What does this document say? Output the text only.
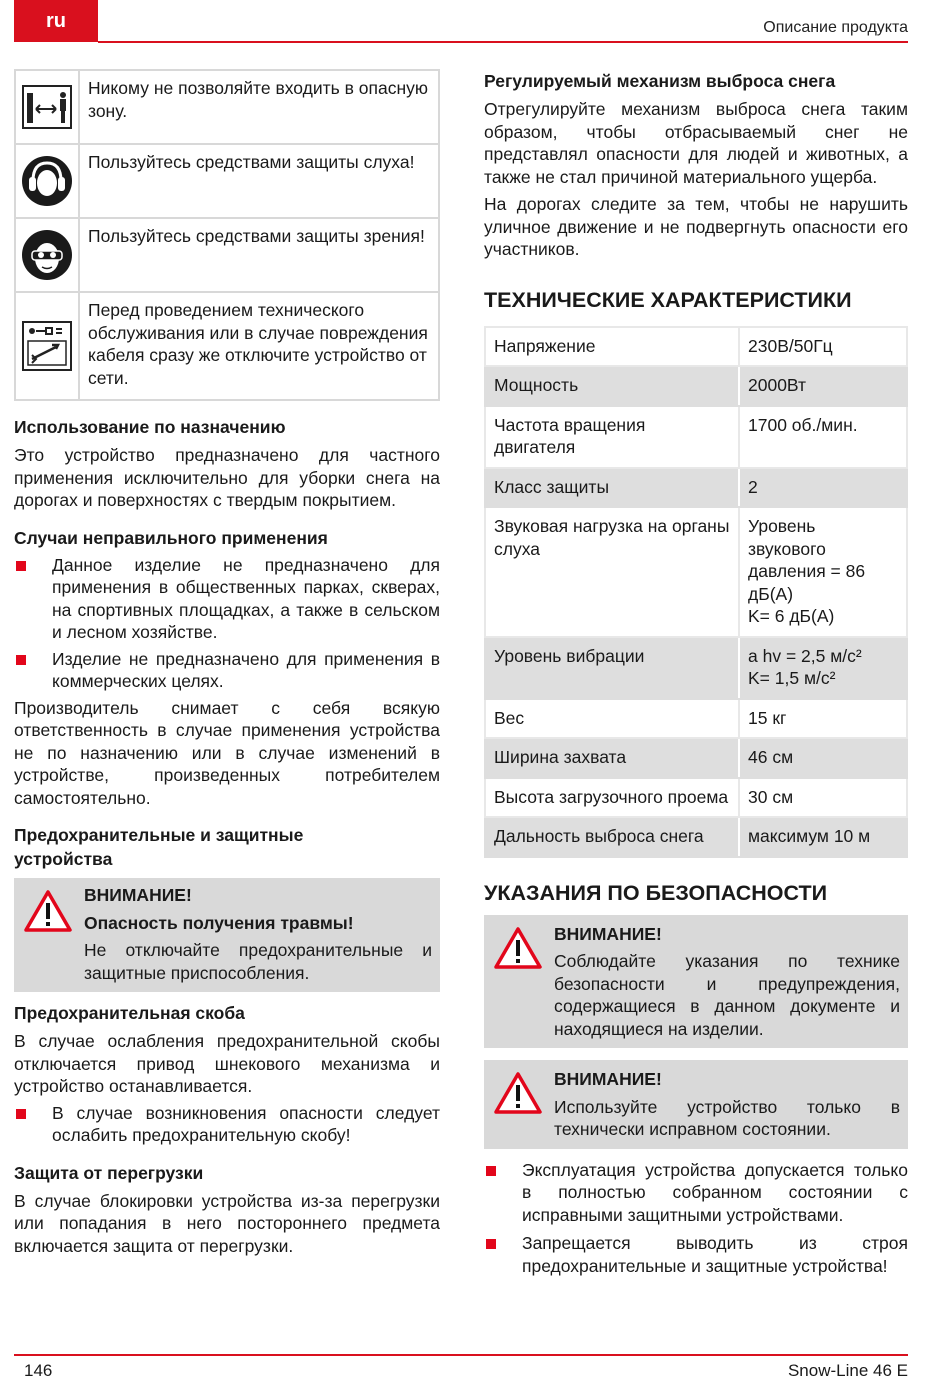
ru	Описание продукта
146	Snow-Line 46 E
Никому не позволяйте входить в опасную зону.
Пользуйтесь средствами защиты слуха!
Пользуйтесь средствами защиты зрения!
Перед проведением технического обслуживания или в случае повреждения кабеля сразу же отключите устройство от сети.
Использование по назначению

Это устройство предназначено для частного применения исключительно для уборки снега на дорогах и поверхностях с твердым покрытием.

Случаи неправильного применения
Данное изделие не предназначено для применения в общественных парках, скверах, на спортивных площадках, а также в сельском и лесном хозяйстве.
Изделие не предназначено для применения в коммерческих целях.

Производитель снимает с себя всякую ответственность в случае применения устройства не по назначению или в случае изменений в устройстве, произведенных потребителем самостоятельно.

Предохранительные и защитные устройства
ВНИМАНИЕ!
Опасность получения травмы!

Не отключайте предохранительные и защитные приспособления.

Предохранительная скоба

В случае ослабления предохранительной скобы отключается привод шнекового механизма и устройство останавливается.

В случае возникновения опасности следует ослабить предохранительную скобу!
Защита от перегрузки

В случае блокировки устройства из-за перегрузки или попадания в него постороннего предмета включается защита от перегрузки.

Регулируемый механизм выброса снега

Отрегулируйте механизм выброса снега таким образом, чтобы отбрасываемый снег не представлял опасности для людей и животных, а также не стал причиной материального ущерба.

На дорогах следите за тем, чтобы не нарушить уличное движение и не подвергнуть опасности его участников.

ТЕХНИЧЕСКИЕ ХАРАКТЕРИСТИКИ
Напряжение	230В/50Гц
Мощность	2000Вт
Частота вращения двигателя	1700 об./мин.
Класс защиты	2
Звуковая нагрузка на органы слуха	Уровень звукового давления = 86 дБ(A)
K= 6 дБ(A)
Уровень вибрации	a hv = 2,5 м/с²
K= 1,5 м/с²
Вес	15 кг
Ширина захвата	46 см
Высота загрузочного проема	30 см
Дальность выброса снега	максимум 10 м
УКАЗАНИЯ ПО БЕЗОПАСНОСТИ
ВНИМАНИЕ!

Соблюдайте указания по технике безопасности и предупреждения, содержащиеся в данном документе и находящиеся на изделии.

ВНИМАНИЕ!

Используйте устройство только в технически исправном состоянии.

Эксплуатация устройства допускается только в полностью собранном состоянии с исправными защитными устройствами.
Запрещается выводить из строя предохранительные и защитные устройства!
